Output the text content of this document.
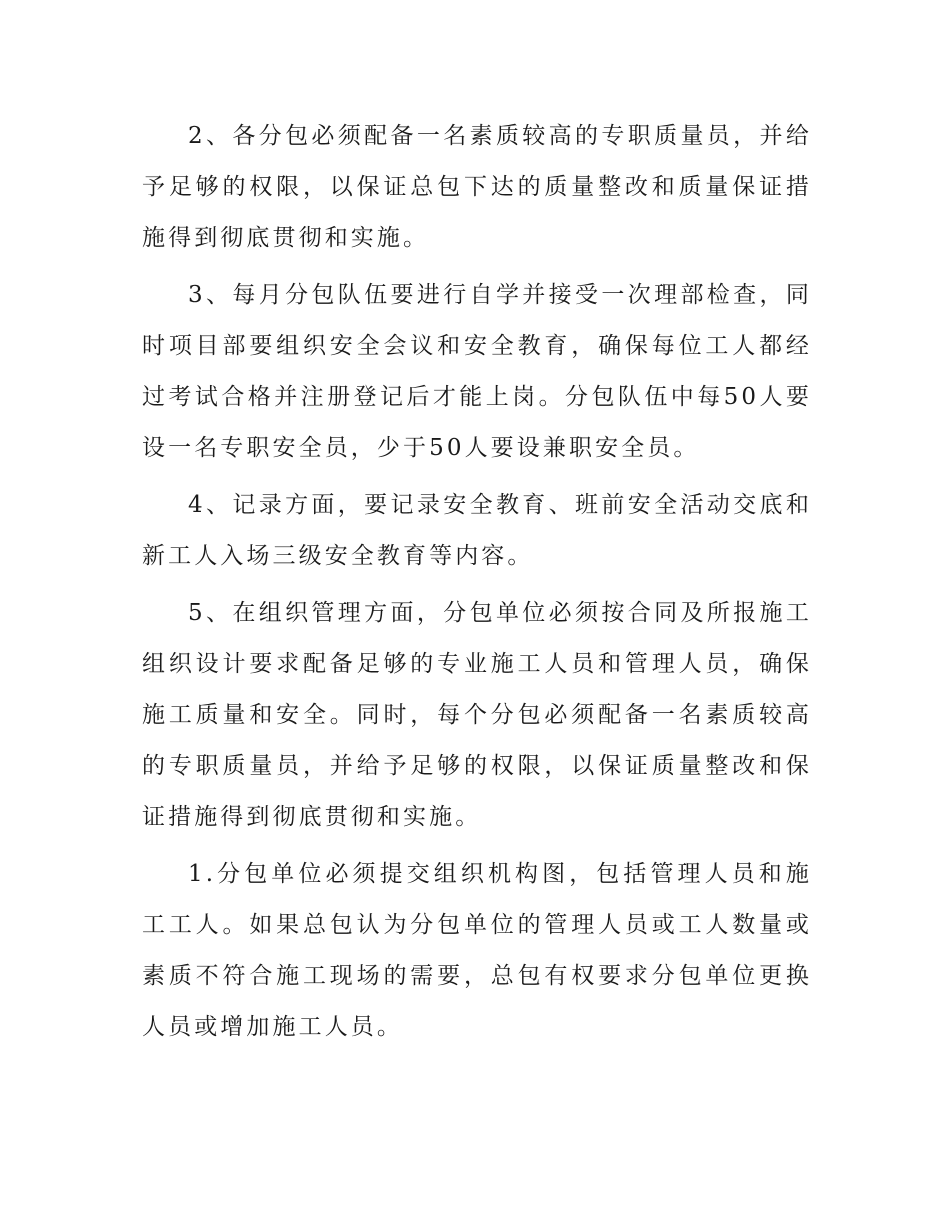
2、各分包必须配备一名素质较高的专职质量员，并给予足够的权限，以保证总包下达的质量整改和质量保证措施得到彻底贯彻和实施。

3、每月分包队伍要进行自学并接受一次理部检查，同时项目部要组织安全会议和安全教育，确保每位工人都经过考试合格并注册登记后才能上岗。分包队伍中每50人要设一名专职安全员，少于50人要设兼职安全员。

4、记录方面，要记录安全教育、班前安全活动交底和新工人入场三级安全教育等内容。

5、在组织管理方面，分包单位必须按合同及所报施工组织设计要求配备足够的专业施工人员和管理人员，确保施工质量和安全。同时，每个分包必须配备一名素质较高的专职质量员，并给予足够的权限，以保证质量整改和保证措施得到彻底贯彻和实施。

1.分包单位必须提交组织机构图，包括管理人员和施工工人。如果总包认为分包单位的管理人员或工人数量或素质不符合施工现场的需要，总包有权要求分包单位更换人员或增加施工人员。
